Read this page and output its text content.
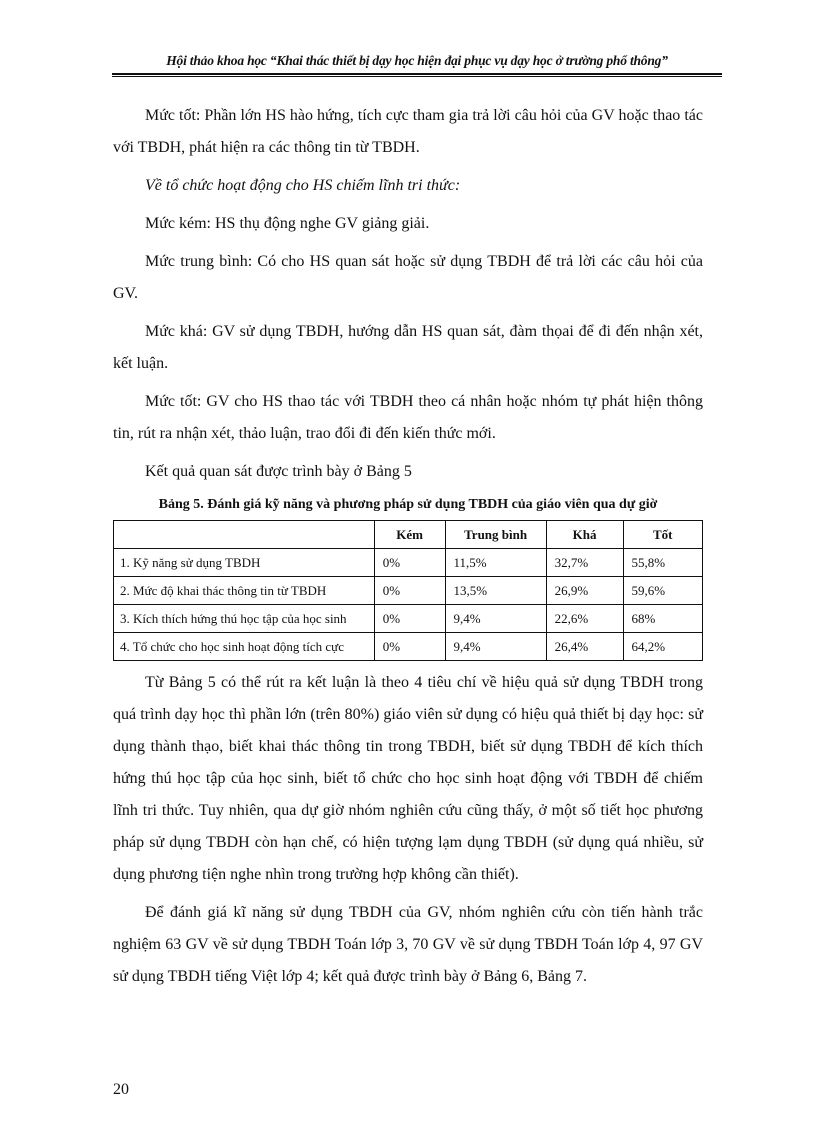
Hội thảo khoa học “Khai thác thiết bị dạy học hiện đại phục vụ dạy học ở trường phổ thông”

Mức tốt: Phần lớn HS hào hứng, tích cực tham gia trả lời câu hỏi của GV hoặc thao tác với TBDH, phát hiện ra các thông tin từ TBDH.

Về tổ chức hoạt động cho HS chiếm lĩnh tri thức:

Mức kém: HS thụ động nghe GV giảng giải.

Mức trung bình: Có cho HS quan sát hoặc sử dụng TBDH để trả lời các câu hỏi của GV.

Mức khá: GV sử dụng TBDH, hướng dẫn HS quan sát, đàm thọai để đi đến nhận xét, kết luận.

Mức tốt: GV cho HS thao tác với TBDH theo cá nhân hoặc nhóm tự phát hiện thông tin, rút ra nhận xét, thảo luận, trao đổi đi đến kiến thức mới.

Kết quả quan sát được trình bày ở Bảng 5

Bảng 5. Đánh giá kỹ năng và phương pháp sử dụng TBDH của giáo viên qua dự giờ
	Kém	Trung bình	Khá	Tốt
1. Kỹ năng sử dụng TBDH	0%	11,5%	32,7%	55,8%
2. Mức độ khai thác thông tin từ TBDH	0%	13,5%	26,9%	59,6%
3. Kích thích hứng thú học tập của học sinh	0%	9,4%	22,6%	68%
4. Tổ chức cho học sinh hoạt động tích cực	0%	9,4%	26,4%	64,2%

Từ Bảng 5 có thể rút ra kết luận là theo 4 tiêu chí về hiệu quả sử dụng TBDH trong quá trình dạy học thì phần lớn (trên 80%) giáo viên sử dụng có hiệu quả thiết bị dạy học: sử dụng thành thạo, biết khai thác thông tin trong TBDH, biết sử dụng TBDH để kích thích hứng thú học tập của học sinh, biết tổ chức cho học sinh hoạt động với TBDH để chiếm lĩnh tri thức. Tuy nhiên, qua dự giờ nhóm nghiên cứu cũng thấy, ở một số tiết học phương pháp sử dụng TBDH còn hạn chế, có hiện tượng lạm dụng TBDH (sử dụng quá nhiều, sử dụng phương tiện nghe nhìn trong trường hợp không cần thiết).

Để đánh giá kĩ năng sử dụng TBDH của GV, nhóm nghiên cứu còn tiến hành trắc nghiệm 63 GV về sử dụng TBDH Toán lớp 3, 70 GV về sử dụng TBDH Toán lớp 4, 97 GV sử dụng TBDH tiếng Việt lớp 4; kết quả được trình bày ở Bảng 6, Bảng 7.

20
